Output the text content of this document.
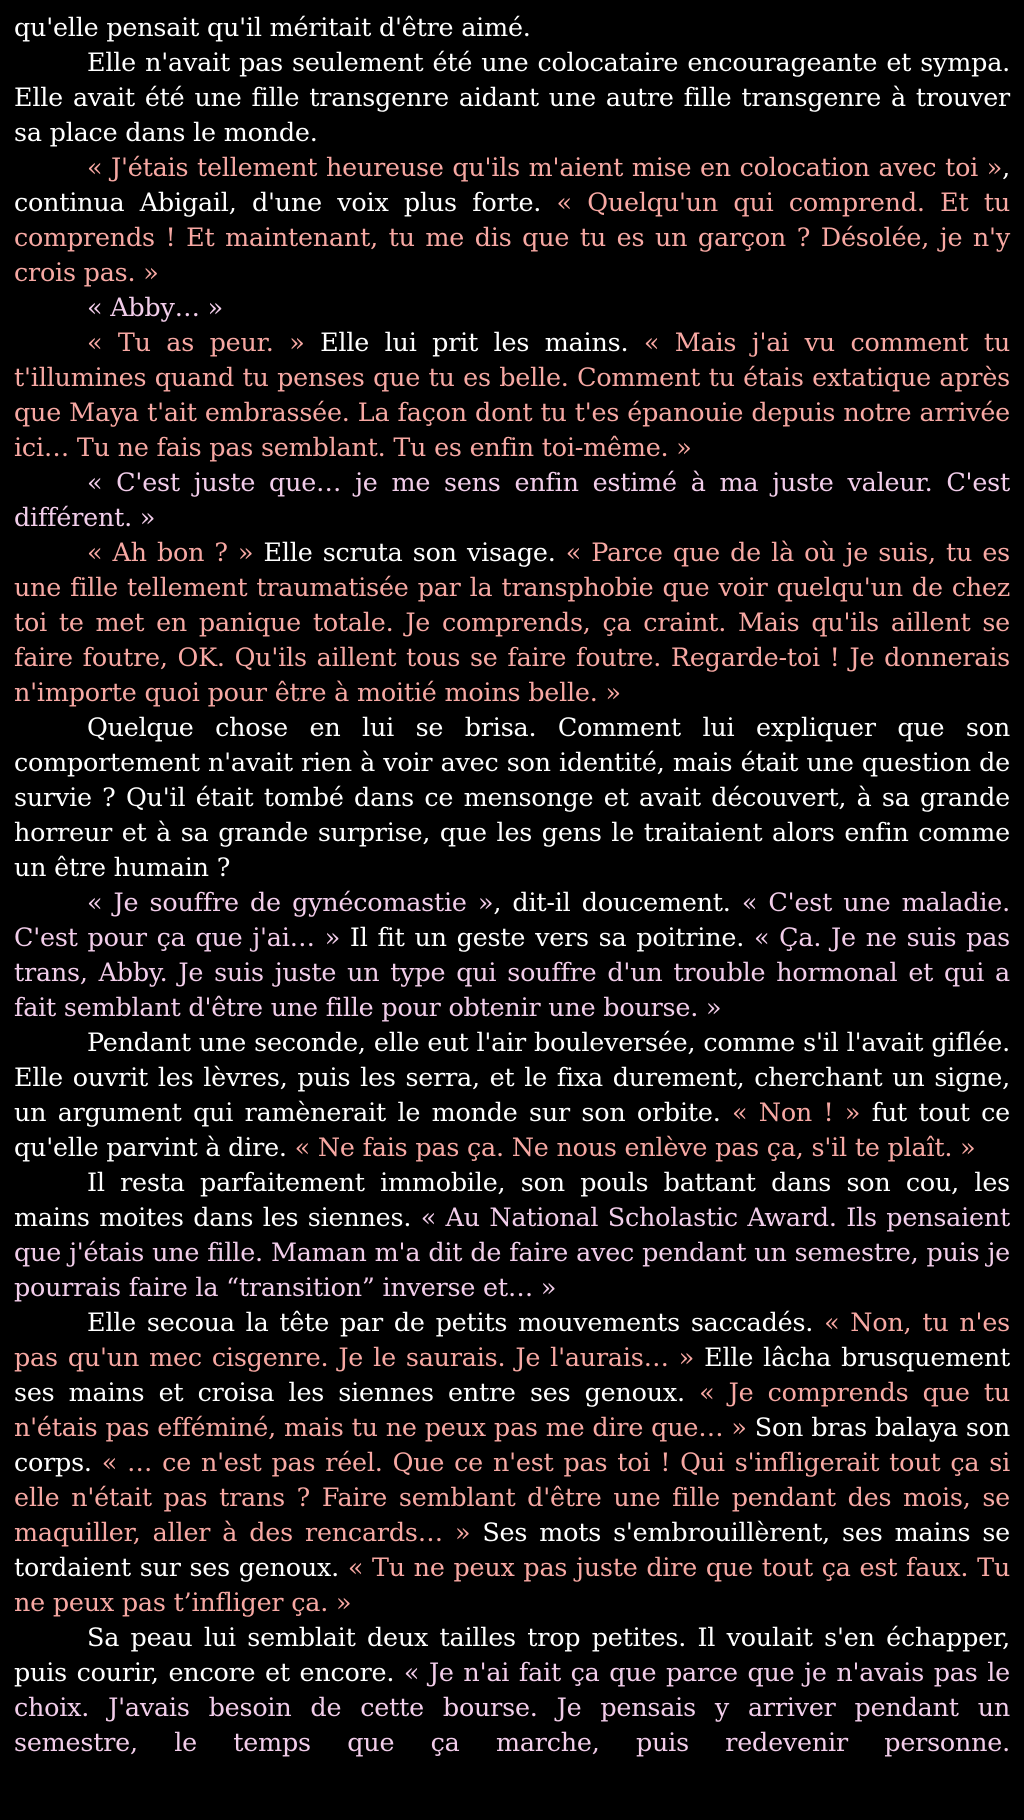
qu'elle pensait qu'il méritait d'être aimé.

Elle n'avait pas seulement été une colocataire encourageante et sympa. Elle avait été une fille transgenre aidant une autre fille transgenre à trouver sa place dans le monde.

« J'étais tellement heureuse qu'ils m'aient mise en colocation avec toi », continua Abigail, d'une voix plus forte. « Quelqu'un qui comprend. Et tu comprends ! Et maintenant, tu me dis que tu es un garçon ? Désolée, je n'y crois pas. »

« Abby… »

« Tu as peur. » Elle lui prit les mains. « Mais j'ai vu comment tu t'illumines quand tu penses que tu es belle. Comment tu étais extatique après que Maya t'ait embrassée. La façon dont tu t'es épanouie depuis notre arrivée ici… Tu ne fais pas semblant. Tu es enfin toi-même. »

« C'est juste que… je me sens enfin estimé à ma juste valeur. C'est différent. »

« Ah bon ? » Elle scruta son visage. « Parce que de là où je suis, tu es une fille tellement traumatisée par la transphobie que voir quelqu'un de chez toi te met en panique totale. Je comprends, ça craint. Mais qu'ils aillent se faire foutre, OK. Qu'ils aillent tous se faire foutre. Regarde-toi ! Je donnerais n'importe quoi pour être à moitié moins belle. »

Quelque chose en lui se brisa. Comment lui expliquer que son comportement n'avait rien à voir avec son identité, mais était une question de survie ? Qu'il était tombé dans ce mensonge et avait découvert, à sa grande horreur et à sa grande surprise, que les gens le traitaient alors enfin comme un être humain ?

« Je souffre de gynécomastie », dit-il doucement. « C'est une maladie. C'est pour ça que j'ai… » Il fit un geste vers sa poitrine. « Ça. Je ne suis pas trans, Abby. Je suis juste un type qui souffre d'un trouble hormonal et qui a fait semblant d'être une fille pour obtenir une bourse. »

Pendant une seconde, elle eut l'air bouleversée, comme s'il l'avait giflée. Elle ouvrit les lèvres, puis les serra, et le fixa durement, cherchant un signe, un argument qui ramènerait le monde sur son orbite. « Non ! » fut tout ce qu'elle parvint à dire. « Ne fais pas ça. Ne nous enlève pas ça, s'il te plaît. »

Il resta parfaitement immobile, son pouls battant dans son cou, les mains moites dans les siennes. « Au National Scholastic Award. Ils pensaient que j'étais une fille. Maman m'a dit de faire avec pendant un semestre, puis je pourrais faire la “transition” inverse et… »

Elle secoua la tête par de petits mouvements saccadés. « Non, tu n'es pas qu'un mec cisgenre. Je le saurais. Je l'aurais… » Elle lâcha brusquement ses mains et croisa les siennes entre ses genoux. « Je comprends que tu n'étais pas efféminé, mais tu ne peux pas me dire que… » Son bras balaya son corps. « … ce n'est pas réel. Que ce n'est pas toi ! Qui s'infligerait tout ça si elle n'était pas trans ? Faire semblant d'être une fille pendant des mois, se maquiller, aller à des rencards… » Ses mots s'embrouillèrent, ses mains se tordaient sur ses genoux. « Tu ne peux pas juste dire que tout ça est faux. Tu ne peux pas t’infliger ça. »

Sa peau lui semblait deux tailles trop petites. Il voulait s'en échapper, puis courir, encore et encore. « Je n'ai fait ça que parce que je n'avais pas le choix. J'avais besoin de cette bourse. Je pensais y arriver pendant un semestre, le temps que ça marche, puis redevenir personne.
